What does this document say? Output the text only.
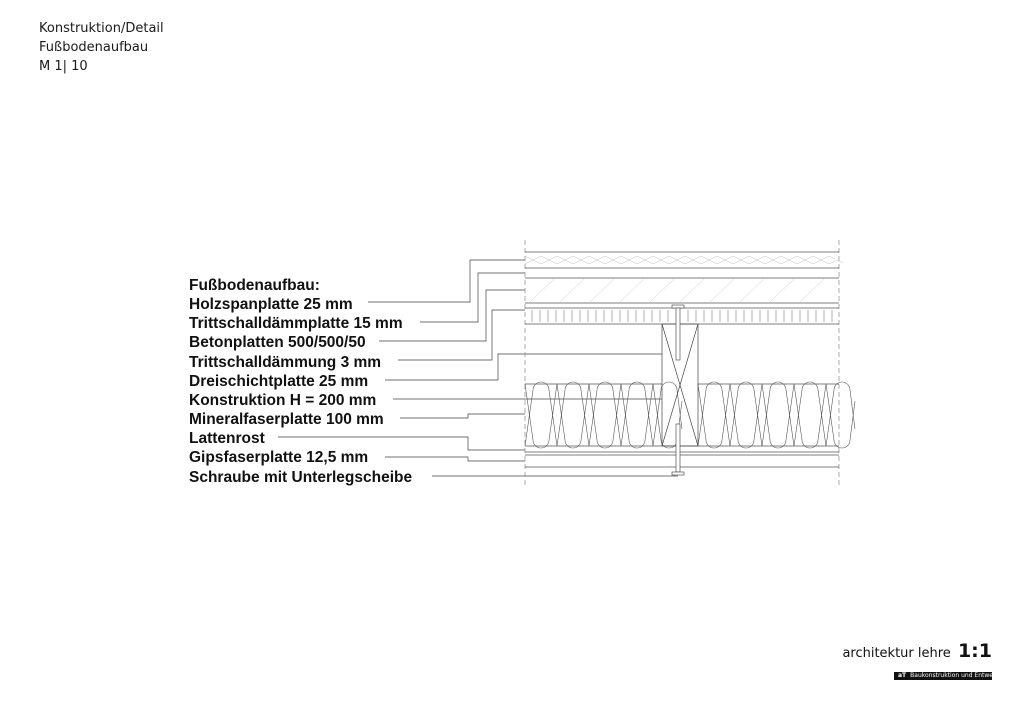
Konstruktion/Detail
Fußbodenaufbau
M 1| 10
Fußbodenaufbau:
Holzspanplatte 25 mm
Trittschalldämmplatte 15 mm
Betonplatten 500/500/50
Trittschalldämmung 3 mm
Dreischichtplatte 25 mm
Konstruktion H = 200 mm
Mineralfaserplatte 100 mm
Lattenrost
Gipsfaserplatte 12,5 mm
Schraube mit Unterlegscheibe
architektur lehre 1:1
aT Baukonstruktion und Entwerfen
